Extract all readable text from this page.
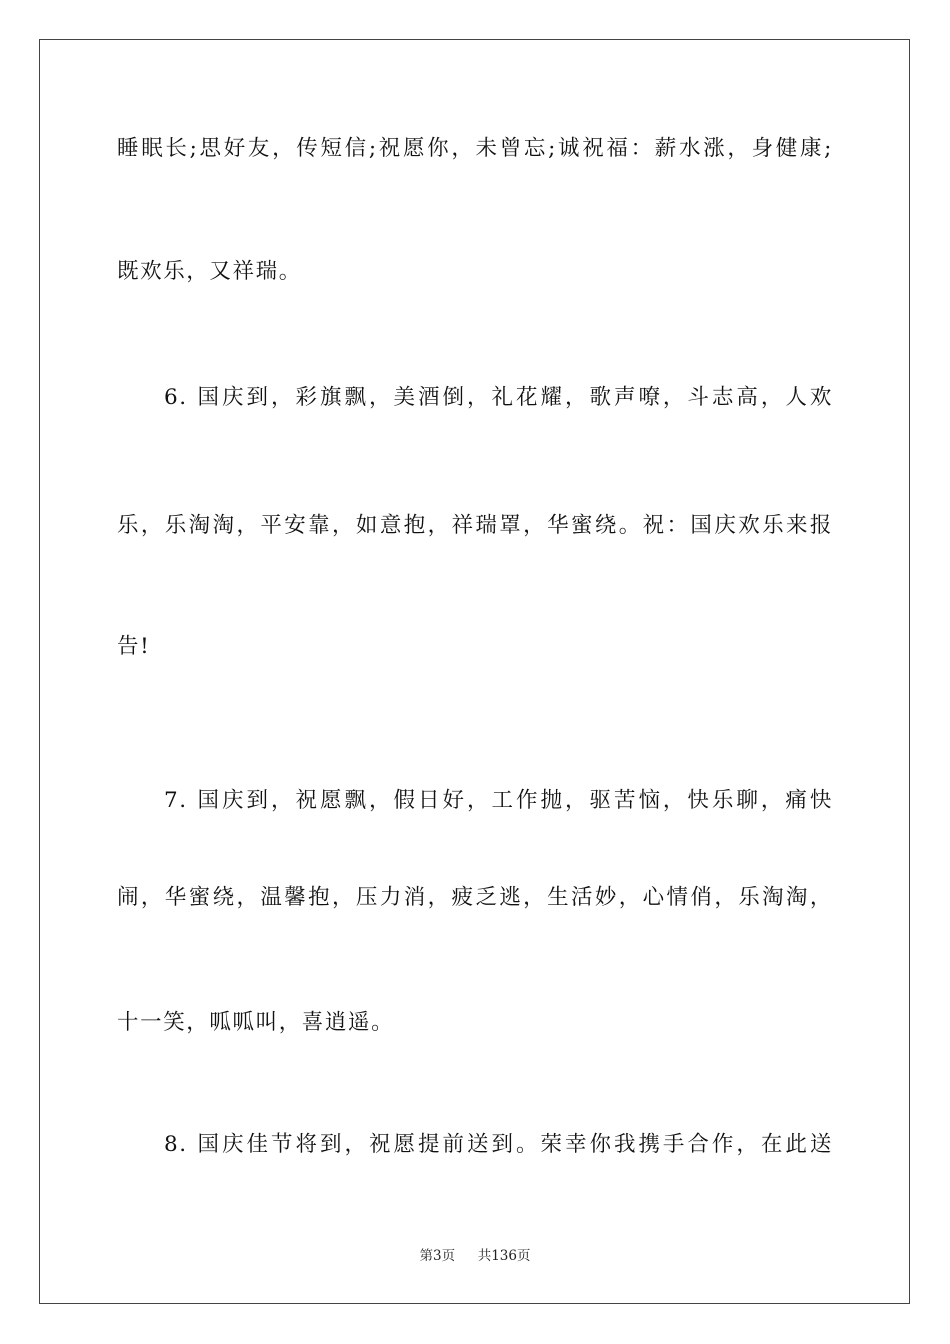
睡眠长;思好友，传短信;祝愿你，未曾忘;诚祝福：薪水涨，身健康;
既欢乐，又祥瑞。
6. 国庆到，彩旗飘，美酒倒，礼花耀，歌声嘹，斗志高，人欢
乐，乐淘淘，平安靠，如意抱，祥瑞罩，华蜜绕。祝：国庆欢乐来报
告!
7. 国庆到，祝愿飘，假日好，工作抛，驱苦恼，快乐聊，痛快
闹，华蜜绕，温馨抱，压力消，疲乏逃，生活妙，心情俏，乐淘淘，
十一笑，呱呱叫，喜逍遥。
8. 国庆佳节将到，祝愿提前送到。荣幸你我携手合作，在此送
第3页 共136页
